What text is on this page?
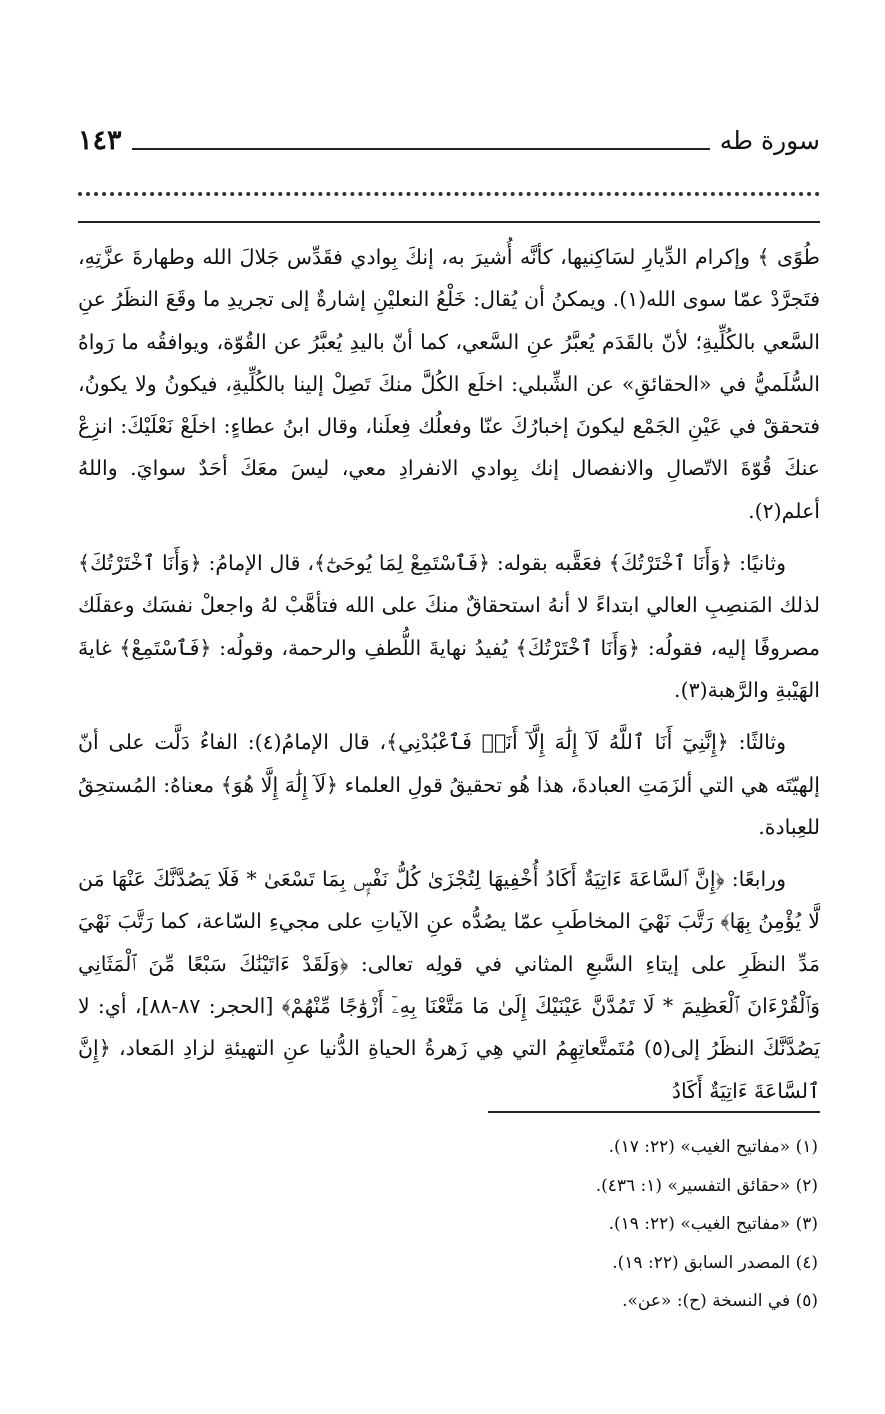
سورة طه
١٤٣

طُوًى ﴾ وإكرام الدِّيارِ لسَاكِنيها، كأنَّه أُشيرَ به، إنكَ بِوادي فقَدِّس جَلالَ الله وطهارةَ عزَّتِهِ، فتَجرَّدْ عمّا سوى الله(١). ويمكنُ أن يُقال: خَلْعُ النعليْنِ إشارةٌ إلى تجريدِ ما وقَعَ النظَرُ عنِ السَّعي بالكُلِّيةِ؛ لأنّ بالقَدَم يُعبَّرُ عنِ السَّعي، كما أنّ باليدِ يُعبَّرُ عن القُوّة، ويوافقُه ما رَواهُ السُّلَميُّ في «الحقائقِ» عن الشِّبلي: اخلَع الكُلَّ منكَ تَصِلْ إلينا بالكُلِّيةِ، فيكونُ ولا يكونُ، فتحققْ في عَيْنِ الجَمْع ليكونَ إخبارُكَ عنّا وفعلُك فِعلَنا، وقال ابنُ عطاءٍ: اخلَعْ نَعْلَيْكَ: انزِعْ عنكَ قُوّةَ الاتّصالِ والانفصال إنك بِوادي الانفرادِ معي، ليسَ معَكَ أحَدٌ سوايَ. واللهُ أعلم(٢).

وثانيًا: ﴿وَأَنَا ٱخْتَرْتُكَ﴾ فعَقَّبه بقوله: ﴿فَٱسْتَمِعْ لِمَا يُوحَىٰٓ﴾، قال الإمامُ: ﴿وَأَنَا ٱخْتَرْتُكَ﴾ لذلك المَنصِبِ العالي ابتداءً لا أنهُ استحقاقٌ منكَ على الله فتأهَّبْ لهُ واجعلْ نفسَك وعقلَك مصروفًا إليه، فقولُه: ﴿وَأَنَا ٱخْتَرْتُكَ﴾ يُفيدُ نهايةَ اللُّطفِ والرحمة، وقولُه: ﴿فَٱسْتَمِعْ﴾ غايةَ الهَيْبةِ والرَّهبة(٣).

وثالثًا: ﴿إِنَّنِيٓ أَنَا ٱللَّهُ لَآ إِلَٰهَ إِلَّآ أَنَا۠ فَٱعْبُدْنِي﴾، قال الإمامُ(٤): الفاءُ دَلَّت على أنّ إلهيّتَه هي التي ألزَمَتِ العبادةَ، هذا هُو تحقيقُ قولِ العلماء ﴿لَآ إِلَٰهَ إِلَّا هُوَ﴾ معناهُ: المُستحِقُ للعِبادة.

ورابعًا: ﴿إِنَّ ٱلسَّاعَةَ ءَاتِيَةٌ أَكَادُ أُخْفِيهَا لِتُجْزَىٰ كُلُّ نَفْسٍۭ بِمَا تَسْعَىٰ * فَلَا يَصُدَّنَّكَ عَنْهَا مَن لَّا يُؤْمِنُ بِهَا﴾ رَتَّبَ نَهْيَ المخاطَبِ عمّا يصُدُّه عنِ الآياتِ على مجيءِ السّاعة، كما رَتَّبَ نَهْيَ مَدِّ النظَرِ على إيتاءِ السَّبعِ المثاني في قولِه تعالى: ﴿وَلَقَدْ ءَاتَيْنَٰكَ سَبْعًا مِّنَ ٱلْمَثَانِي وَٱلْقُرْءَانَ ٱلْعَظِيمَ * لَا تَمُدَّنَّ عَيْنَيْكَ إِلَىٰ مَا مَتَّعْنَا بِهِۦٓ أَزْوَٰجًا مِّنْهُمْ﴾ [الحجر: ٨٧-٨٨]، أي: لا يَصُدَّنَّكَ النظَرُ إلى(٥) مُتَمتَّعاتِهِمُ التي هِي زَهرةُ الحياةِ الدُّنيا عنِ التهيئةِ لزادِ المَعاد، ﴿إِنَّ ٱلسَّاعَةَ ءَاتِيَةٌ أَكَادُ

(١) «مفاتيح الغيب» (٢٢: ١٧).
(٢) «حقائق التفسير» (١: ٤٣٦).
(٣) «مفاتيح الغيب» (٢٢: ١٩).
(٤) المصدر السابق (٢٢: ١٩).
(٥) في النسخة (ح): «عن».
